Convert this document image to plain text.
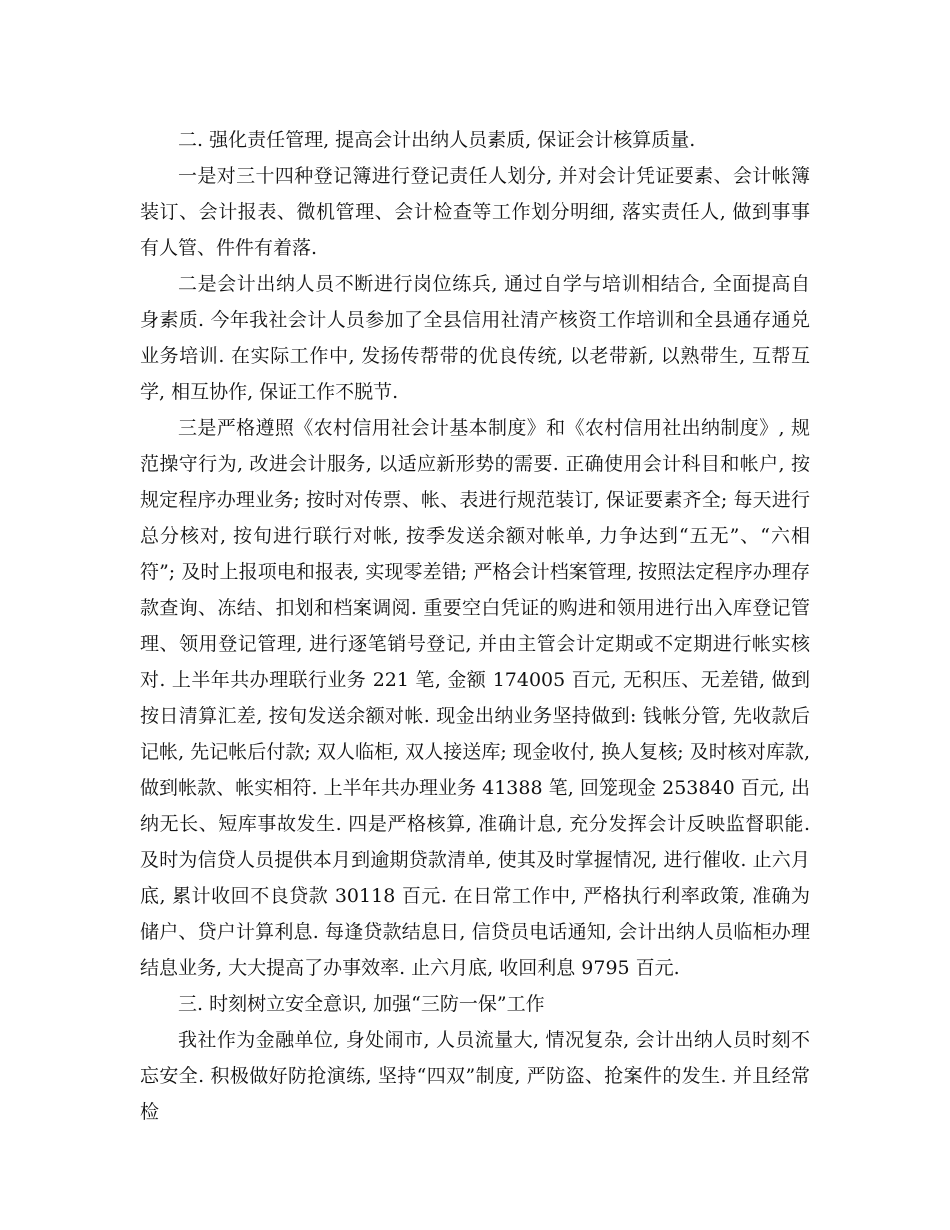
二. 强化责任管理, 提高会计出纳人员素质, 保证会计核算质量.

一是对三十四种登记簿进行登记责任人划分, 并对会计凭证要素、会计帐簿装订、会计报表、微机管理、会计检查等工作划分明细, 落实责任人, 做到事事有人管、件件有着落.

二是会计出纳人员不断进行岗位练兵, 通过自学与培训相结合, 全面提高自身素质. 今年我社会计人员参加了全县信用社清产核资工作培训和全县通存通兑业务培训. 在实际工作中, 发扬传帮带的优良传统, 以老带新, 以熟带生, 互帮互学, 相互协作, 保证工作不脱节.

三是严格遵照《农村信用社会计基本制度》和《农村信用社出纳制度》, 规范操守行为, 改进会计服务, 以适应新形势的需要. 正确使用会计科目和帐户, 按规定程序办理业务; 按时对传票、帐、表进行规范装订, 保证要素齐全; 每天进行总分核对, 按旬进行联行对帐, 按季发送余额对帐单, 力争达到“五无”、“六相符”; 及时上报项电和报表, 实现零差错; 严格会计档案管理, 按照法定程序办理存款查询、冻结、扣划和档案调阅. 重要空白凭证的购进和领用进行出入库登记管理、领用登记管理, 进行逐笔销号登记, 并由主管会计定期或不定期进行帐实核对. 上半年共办理联行业务 221 笔, 金额 174005 百元, 无积压、无差错, 做到按日清算汇差, 按旬发送余额对帐. 现金出纳业务坚持做到: 钱帐分管, 先收款后记帐, 先记帐后付款; 双人临柜, 双人接送库; 现金收付, 换人复核; 及时核对库款, 做到帐款、帐实相符. 上半年共办理业务 41388 笔, 回笼现金 253840 百元, 出纳无长、短库事故发生. 四是严格核算, 准确计息, 充分发挥会计反映监督职能. 及时为信贷人员提供本月到逾期贷款清单, 使其及时掌握情况, 进行催收. 止六月底, 累计收回不良贷款 30118 百元. 在日常工作中, 严格执行利率政策, 准确为储户、贷户计算利息. 每逢贷款结息日, 信贷员电话通知, 会计出纳人员临柜办理结息业务, 大大提高了办事效率. 止六月底, 收回利息 9795 百元.

三. 时刻树立安全意识, 加强“三防一保”工作

我社作为金融单位, 身处闹市, 人员流量大, 情况复杂, 会计出纳人员时刻不忘安全. 积极做好防抢演练, 坚持“四双”制度, 严防盗、抢案件的发生. 并且经常检
